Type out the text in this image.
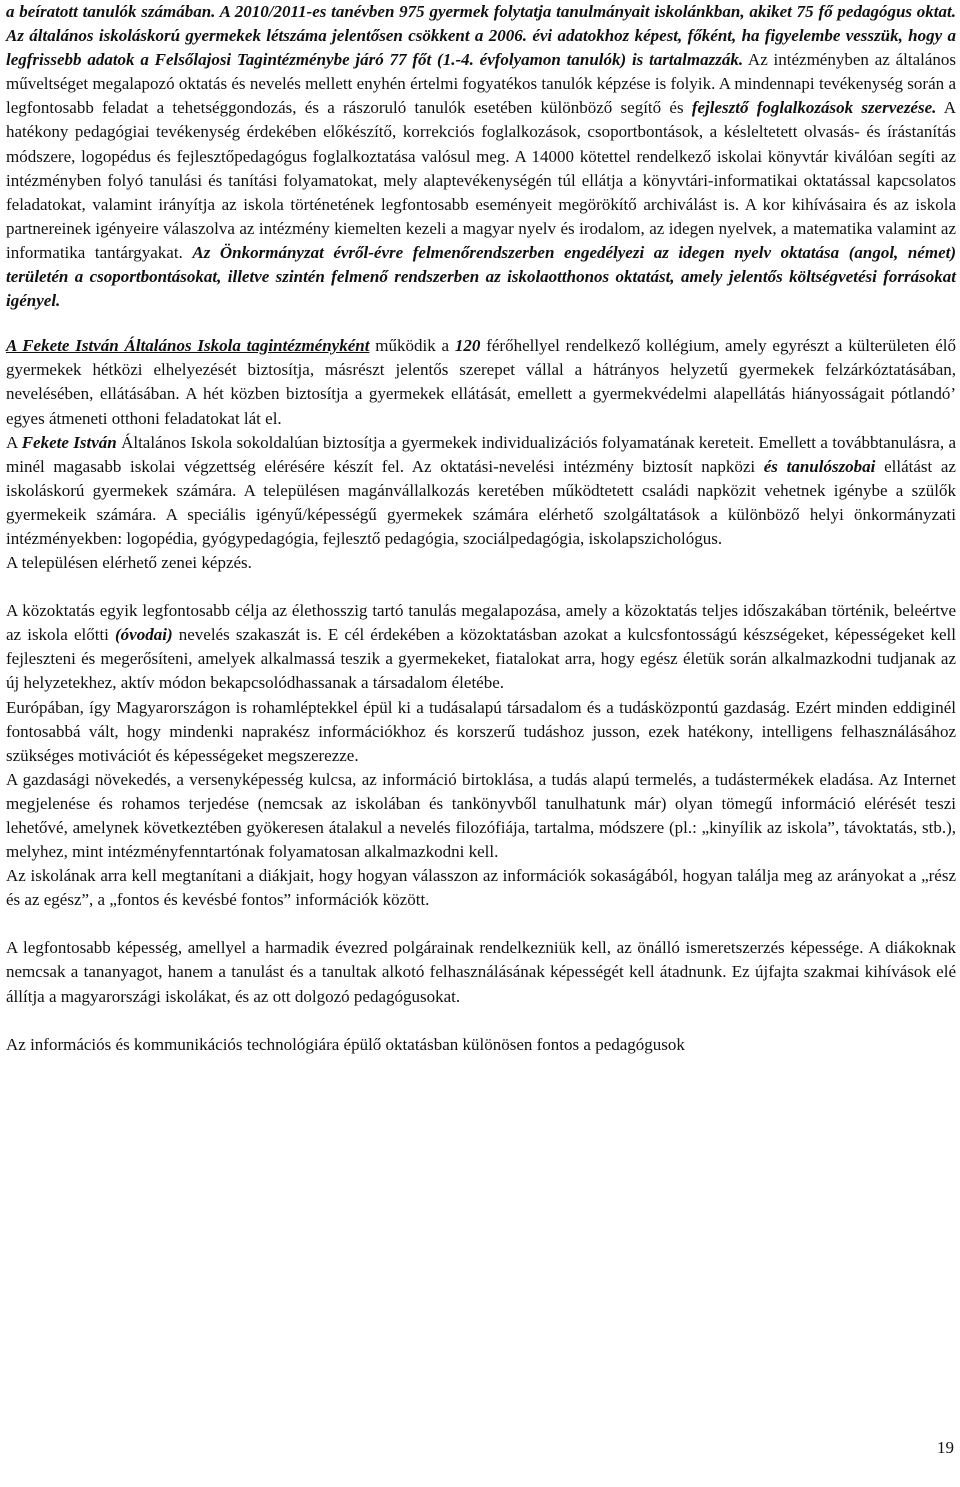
a beíratott tanulók számában. A 2010/2011-es tanévben 975 gyermek folytatja tanulmányait iskolánkban, akiket 75 fő pedagógus oktat. Az általános iskoláskorú gyermekek létszáma jelentősen csökkent a 2006. évi adatokhoz képest, főként, ha figyelembe vesszük, hogy a legfrissebb adatok a Felsőlajosi Tagintézménybe járó 77 főt (1.-4. évfolyamon tanulók) is tartalmazzák. Az intézményben az általános műveltséget megalapozó oktatás és nevelés mellett enyhén értelmi fogyatékos tanulók képzése is folyik. A mindennapi tevékenység során a legfontosabb feladat a tehetséggondozás, és a rászoruló tanulók esetében különböző segítő és fejlesztő foglalkozások szervezése. A hatékony pedagógiai tevékenység érdekében előkészítő, korrekciós foglalkozások, csoportbontások, a késleltetett olvasás- és írástanítás módszere, logopédus és fejlesztőpedagógus foglalkoztatása valósul meg. A 14000 kötettel rendelkező iskolai könyvtár kiválóan segíti az intézményben folyó tanulási és tanítási folyamatokat, mely alaptevékenységén túl ellátja a könyvtári-informatikai oktatással kapcsolatos feladatokat, valamint irányítja az iskola történetének legfontosabb eseményeit megörökítő archiválást is. A kor kihívásaira és az iskola partnereinek igényeire válaszolva az intézmény kiemelten kezeli a magyar nyelv és irodalom, az idegen nyelvek, a matematika valamint az informatika tantárgyakat. Az Önkormányzat évről-évre felmenőrendszerben engedélyezi az idegen nyelv oktatása (angol, német) területén a csoportbontásokat, illetve szintén felmenő rendszerben az iskolaotthonos oktatást, amely jelentős költségvetési forrásokat igényel.

A Fekete István Általános Iskola tagintézményként működik a 120 férőhellyel rendelkező kollégium, amely egyrészt a külterületen élő gyermekek hétközi elhelyezését biztosítja, másrészt jelentős szerepet vállal a hátrányos helyzetű gyermekek felzárkóztatásában, nevelésében, ellátásában. A hét közben biztosítja a gyermekek ellátását, emellett a gyermekvédelmi alapellátás hiányosságait pótlandó’ egyes átmeneti otthoni feladatokat lát el.

A Fekete István Általános Iskola sokoldalúan biztosítja a gyermekek individualizációs folyamatának kereteit. Emellett a továbbtanulásra, a minél magasabb iskolai végzettség elérésére készít fel. Az oktatási-nevelési intézmény biztosít napközi és tanulószobai ellátást az iskoláskorú gyermekek számára. A településen magánvállalkozás keretében működtetett családi napközit vehetnek igénybe a szülők gyermekeik számára. A speciális igényű/képességű gyermekek számára elérhető szolgáltatások a különböző helyi önkormányzati intézményekben: logopédia, gyógypedagógia, fejlesztő pedagógia, szociálpedagógia, iskolapszichológus.

A településen elérhető zenei képzés.

A közoktatás egyik legfontosabb célja az élethosszig tartó tanulás megalapozása, amely a közoktatás teljes időszakában történik, beleértve az iskola előtti (óvodai) nevelés szakaszát is. E cél érdekében a közoktatásban azokat a kulcsfontosságú készségeket, képességeket kell fejleszteni és megerősíteni, amelyek alkalmassá teszik a gyermekeket, fiatalokat arra, hogy egész életük során alkalmazkodni tudjanak az új helyzetekhez, aktív módon bekapcsolódhassanak a társadalom életébe.

Európában, így Magyarországon is rohamléptekkel épül ki a tudásalapú társadalom és a tudásközpontú gazdaság. Ezért minden eddiginél fontosabbá vált, hogy mindenki naprakész információkhoz és korszerű tudáshoz jusson, ezek hatékony, intelligens felhasználásához szükséges motivációt és képességeket megszerezze.

A gazdasági növekedés, a versenyképesség kulcsa, az információ birtoklása, a tudás alapú termelés, a tudástermékek eladása. Az Internet megjelenése és rohamos terjedése (nemcsak az iskolában és tankönyvből tanulhatunk már) olyan tömegű információ elérését teszi lehetővé, amelynek következtében gyökeresen átalakul a nevelés filozófiája, tartalma, módszere (pl.: „kinyílik az iskola”, távoktatás, stb.), melyhez, mint intézményfenntartónak folyamatosan alkalmazkodni kell.

Az iskolának arra kell megtanítani a diákjait, hogy hogyan válasszon az információk sokaságából, hogyan találja meg az arányokat a „rész és az egész”, a „fontos és kevésbé fontos” információk között.

A legfontosabb képesség, amellyel a harmadik évezred polgárainak rendelkezniük kell, az önálló ismeretszerzés képessége. A diákoknak nemcsak a tananyagot, hanem a tanulást és a tanultak alkotó felhasználásának képességét kell átadnunk. Ez újfajta szakmai kihívások elé állítja a magyarországi iskolákat, és az ott dolgozó pedagógusokat.

Az információs és kommunikációs technológiára épülő oktatásban különösen fontos a pedagógusok

19
